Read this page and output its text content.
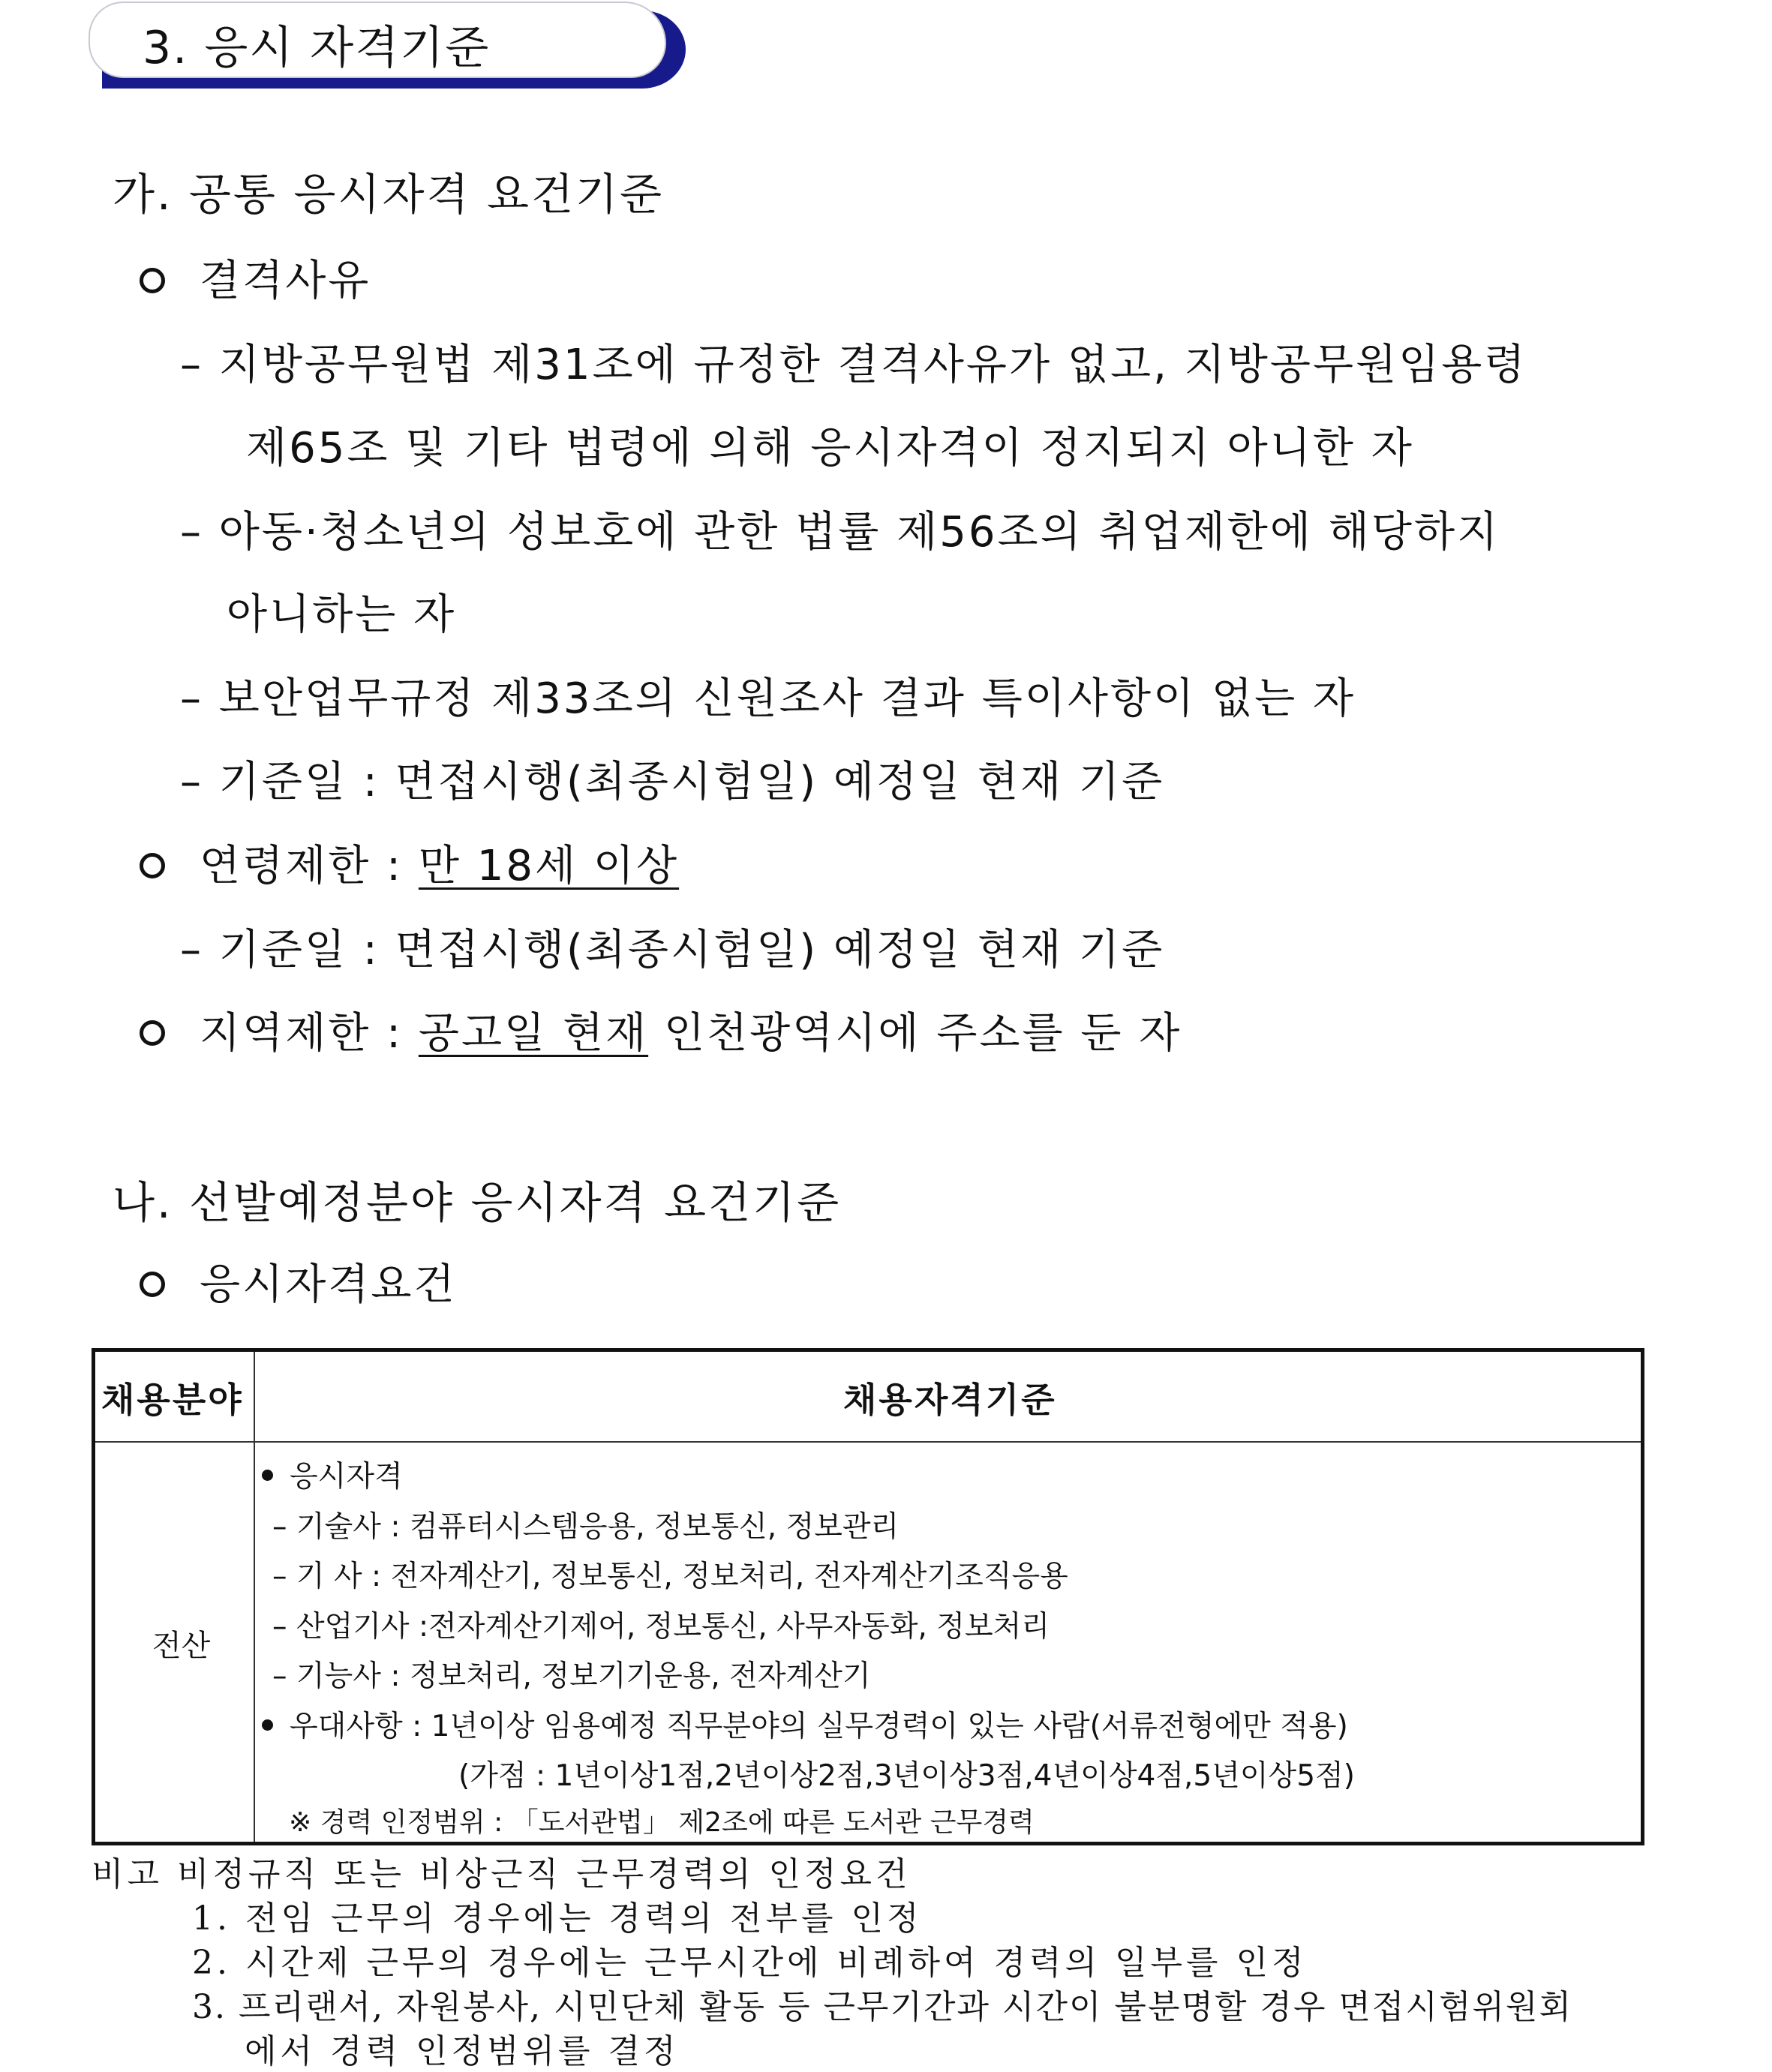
3. 응시 자격기준
가. 공통 응시자격 요건기준
결격사유
– 지방공무원법 제31조에 규정한 결격사유가 없고, 지방공무원임용령
제65조 및 기타 법령에 의해 응시자격이 정지되지 아니한 자
– 아동·청소년의 성보호에 관한 법률 제56조의 취업제한에 해당하지
아니하는 자
– 보안업무규정 제33조의 신원조사 결과 특이사항이 없는 자
– 기준일 : 면접시행(최종시험일) 예정일 현재 기준
연령제한 : 만 18세 이상
– 기준일 : 면접시행(최종시험일) 예정일 현재 기준
지역제한 : 공고일 현재 인천광역시에 주소를 둔 자
나. 선발예정분야 응시자격 요건기준
응시자격요건
채용분야	채용자격기준
전산
응시자격
– 기술사 : 컴퓨터시스템응용, 정보통신, 정보관리
– 기 사 : 전자계산기, 정보통신, 정보처리, 전자계산기조직응용
– 산업기사 :전자계산기제어, 정보통신, 사무자동화, 정보처리
– 기능사 : 정보처리, 정보기기운용, 전자계산기
우대사항 : 1년이상 임용예정 직무분야의 실무경력이 있는 사람(서류전형에만 적용)
(가점 : 1년이상1점,2년이상2점,3년이상3점,4년이상4점,5년이상5점)
※ 경력 인정범위 : 「도서관법」 제2조에 따른 도서관 근무경력
비고 비정규직 또는 비상근직 근무경력의 인정요건
1. 전임 근무의 경우에는 경력의 전부를 인정
2. 시간제 근무의 경우에는 근무시간에 비례하여 경력의 일부를 인정
3. 프리랜서, 자원봉사, 시민단체 활동 등 근무기간과 시간이 불분명할 경우 면접시험위원회
에서 경력 인정범위를 결정
